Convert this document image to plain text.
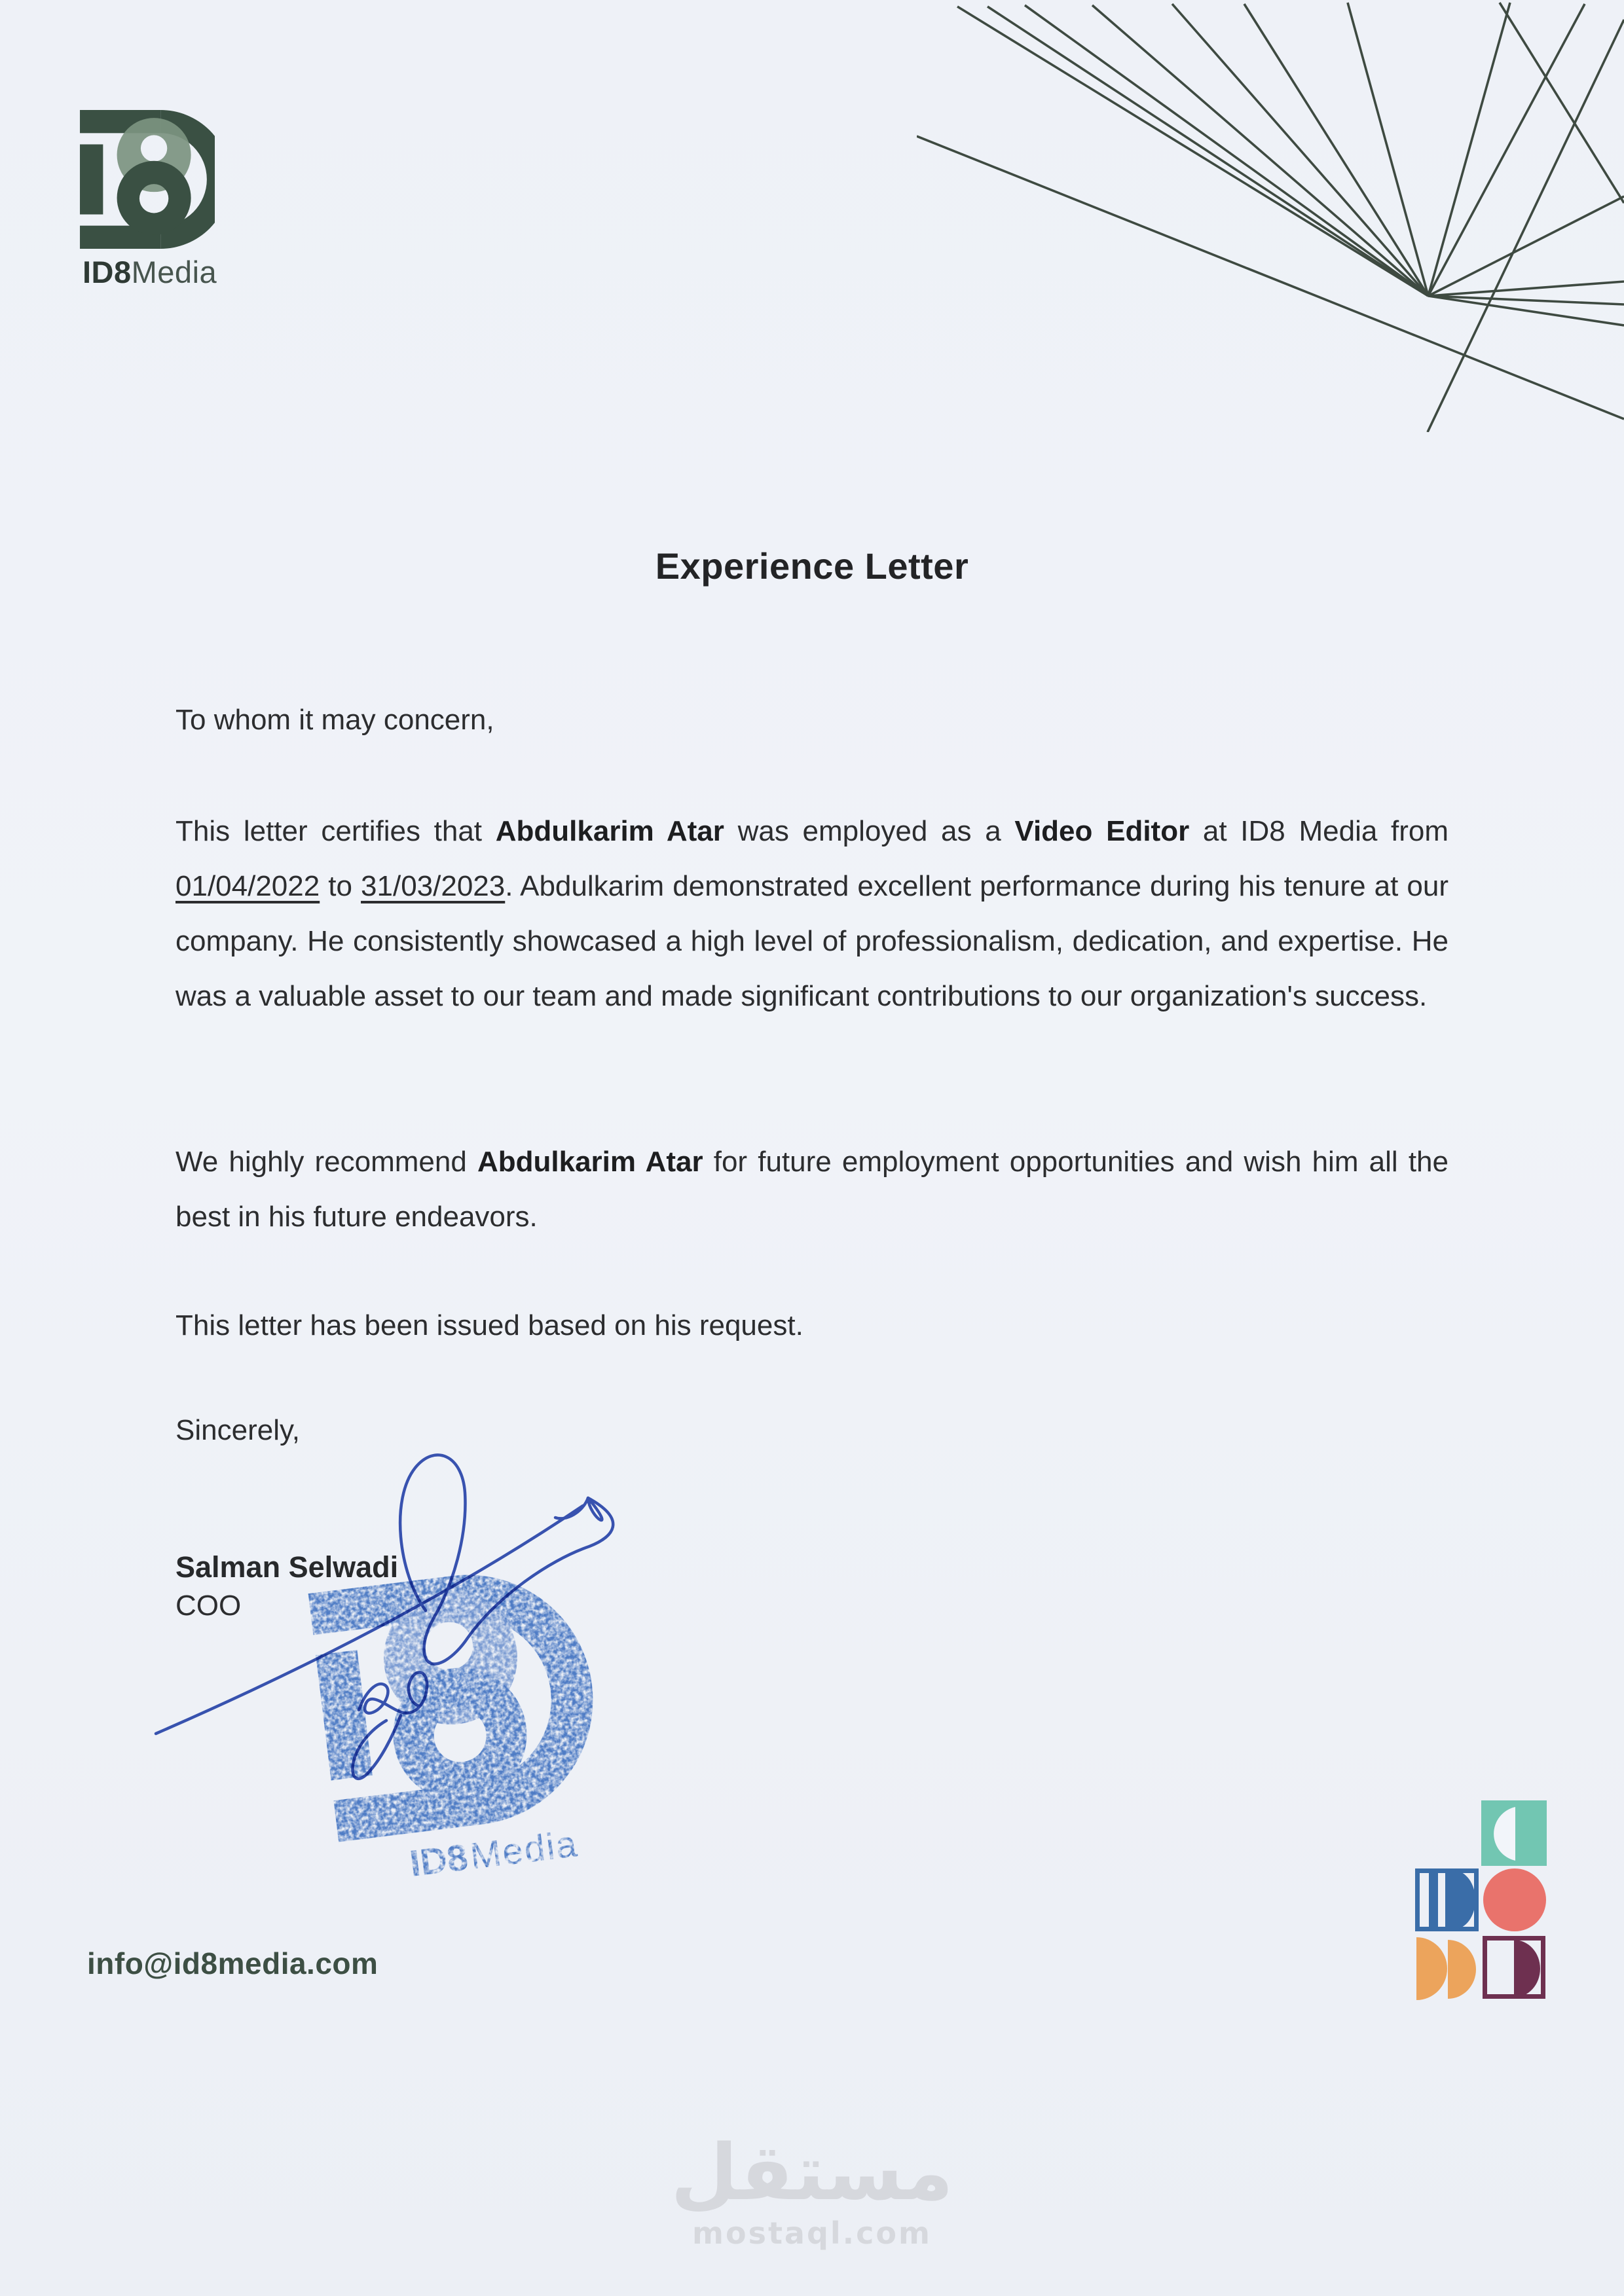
ID8Media
Experience Letter
To whom it may concern,
This letter certifies that Abdulkarim Atar was employed as a Video Editor at ID8 Media from 01/04/2022 to 31/03/2023. Abdulkarim demonstrated excellent performance during his tenure at our company. He consistently showcased a high level of professionalism, dedication, and expertise. He was a valuable asset to our team and made significant contributions to our organization's success.
We highly recommend Abdulkarim Atar for future employment opportunities and wish him all the best in his future endeavors.
This letter has been issued based on his request.
Sincerely,
Salman Selwadi
COO
ID8Media
info@id8media.com
مستقل
mostaql.com
